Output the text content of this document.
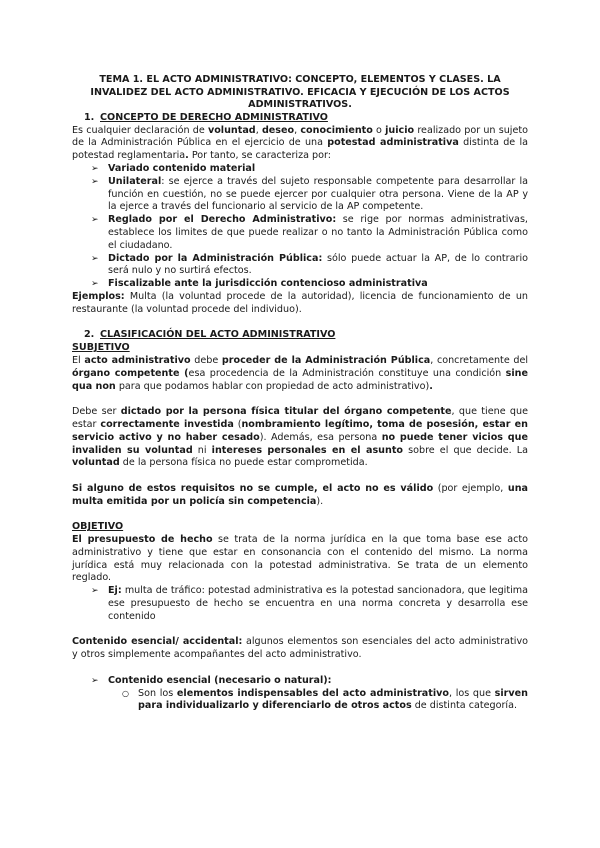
TEMA 1. EL ACTO ADMINISTRATIVO: CONCEPTO, ELEMENTOS Y CLASES. LA INVALIDEZ DEL ACTO ADMINISTRATIVO. EFICACIA Y EJECUCIÓN DE LOS ACTOS ADMINISTRATIVOS.

1. CONCEPTO DE DERECHO ADMINISTRATIVO

Es cualquier declaración de voluntad, deseo, conocimiento o juicio realizado por un sujeto de la Administración Pública en el ejercicio de una potestad administrativa distinta de la potestad reglamentaria. Por tanto, se caracteriza por:

➢ Variado contenido material
➢ Unilateral: se ejerce a través del sujeto responsable competente para desarrollar la función en cuestión, no se puede ejercer por cualquier otra persona. Viene de la AP y la ejerce a través del funcionario al servicio de la AP competente.
➢ Reglado por el Derecho Administrativo: se rige por normas administrativas, establece los limites de que puede realizar o no tanto la Administración Pública como el ciudadano.
➢ Dictado por la Administración Pública: sólo puede actuar la AP, de lo contrario será nulo y no surtirá efectos.
➢ Fiscalizable ante la jurisdicción contencioso administrativa

Ejemplos: Multa (la voluntad procede de la autoridad), licencia de funcionamiento de un restaurante (la voluntad procede del individuo).

2. CLASIFICACIÓN DEL ACTO ADMINISTRATIVO
SUBJETIVO

El acto administrativo debe proceder de la Administración Pública, concretamente del órgano competente (esa procedencia de la Administración constituye una condición sine qua non para que podamos hablar con propiedad de acto administrativo).

Debe ser dictado por la persona física titular del órgano competente, que tiene que estar correctamente investida (nombramiento legítimo, toma de posesión, estar en servicio activo y no haber cesado). Además, esa persona no puede tener vicios que invaliden su voluntad ni intereses personales en el asunto sobre el que decide. La voluntad de la persona física no puede estar comprometida.

Si alguno de estos requisitos no se cumple, el acto no es válido (por ejemplo, una multa emitida por un policía sin competencia).

OBJETIVO

El presupuesto de hecho se trata de la norma jurídica en la que toma base ese acto administrativo y tiene que estar en consonancia con el contenido del mismo. La norma jurídica está muy relacionada con la potestad administrativa. Se trata de un elemento reglado.

➢ Ej: multa de tráfico: potestad administrativa es la potestad sancionadora, que legitima ese presupuesto de hecho se encuentra en una norma concreta y desarrolla ese contenido

Contenido esencial/ accidental: algunos elementos son esenciales del acto administrativo y otros simplemente acompañantes del acto administrativo.

➢ Contenido esencial (necesario o natural):
○ Son los elementos indispensables del acto administrativo, los que sirven para individualizarlo y diferenciarlo de otros actos de distinta categoría.
